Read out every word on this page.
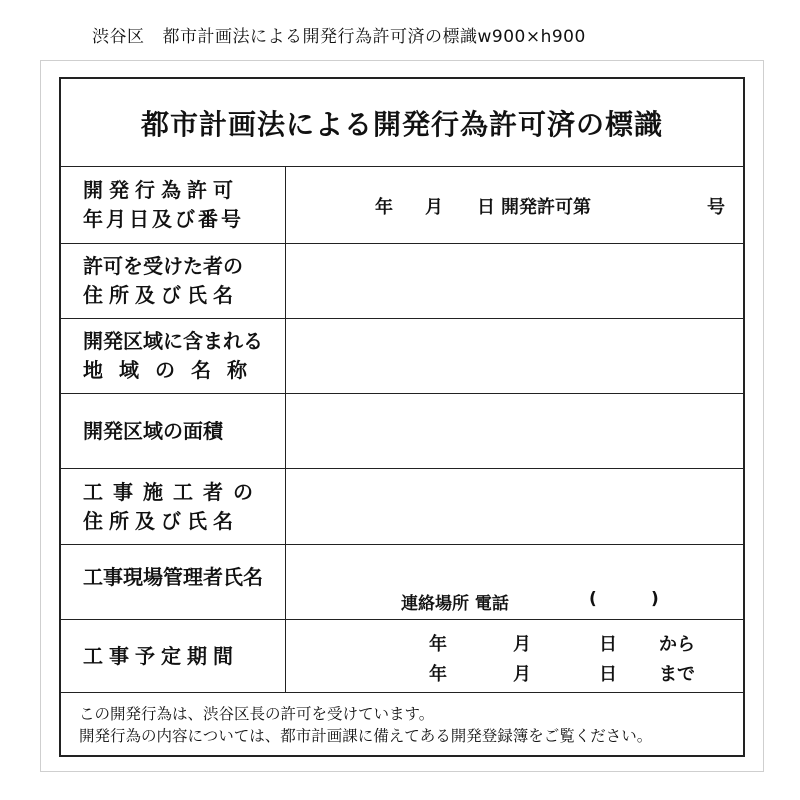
渋谷区 都市計画法による開発行為許可済の標識w900×h900
都市計画法による開発行為許可済の標識
開発行為許可
年月日及び番号	年 月 日 開発許可第	号
許可を受けた者の
住所及び氏名
開発区域に含まれる
地域の名称
開発区域の面積
工事施工者の
住所及び氏名
工事現場管理者氏名
連絡場所 電話	(	)
工事予定期間	年	月	日 から
年	月	日 まで
この開発行為は、渋谷区長の許可を受けています。
開発行為の内容については、都市計画課に備えてある開発登録簿をご覧ください。
